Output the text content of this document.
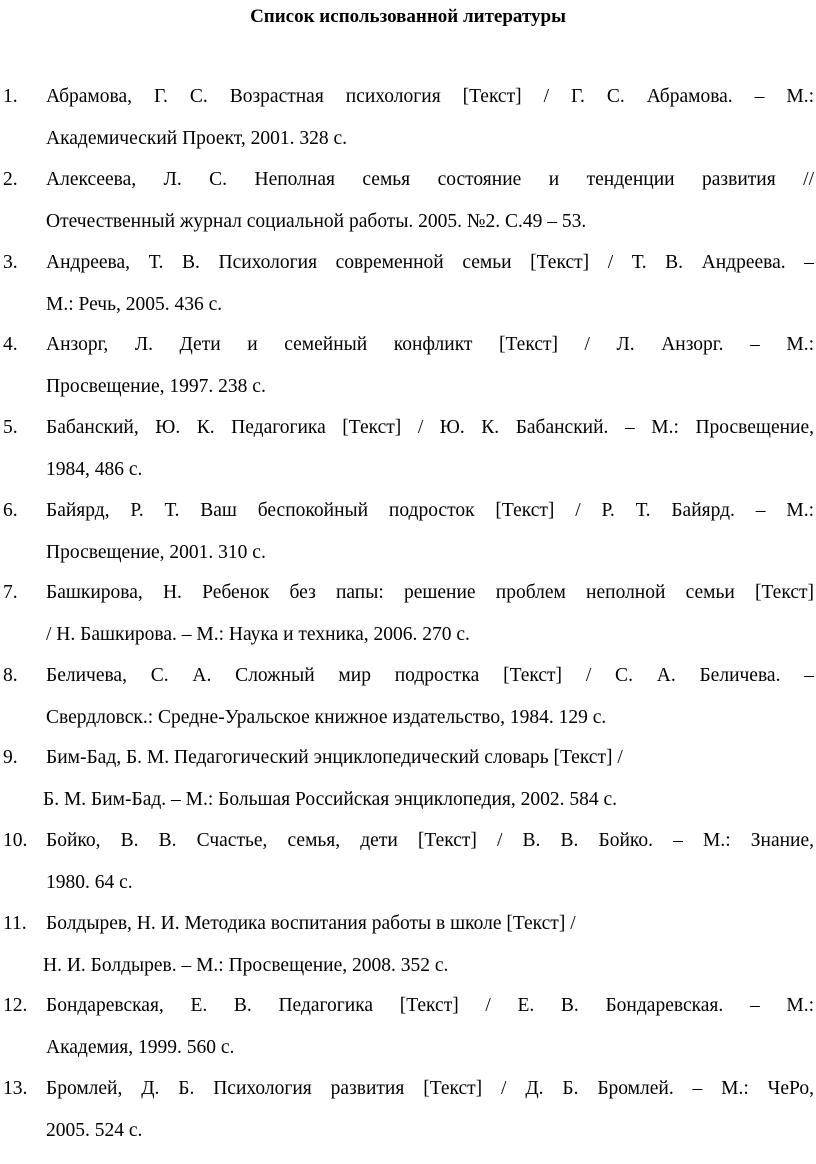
Список использованной литературы
1. Абрамова, Г. С. Возрастная психология [Текст] / Г. С. Абрамова. – М.:
Академический Проект, 2001. 328 с.
2. Алексеева, Л. С. Неполная семья состояние и тенденции развития //
Отечественный журнал социальной работы. 2005. №2. С.49 – 53.
3. Андреева, Т. В. Психология современной семьи [Текст] / Т. В. Андреева. –
М.: Речь, 2005. 436 с.
4. Анзорг, Л. Дети и семейный конфликт [Текст] / Л. Анзорг. – М.:
Просвещение, 1997. 238 с.
5. Бабанский, Ю. К. Педагогика [Текст] / Ю. К. Бабанский. – М.: Просвещение,
1984, 486 с.
6. Байярд, Р. Т. Ваш беспокойный подросток [Текст] / Р. Т. Байярд. – М.:
Просвещение, 2001. 310 с.
7. Башкирова, Н. Ребенок без папы: решение проблем неполной семьи [Текст]
/ Н. Башкирова. – М.: Наука и техника, 2006. 270 с.
8. Беличева, С. А. Сложный мир подростка [Текст] / С. А. Беличева. –
Свердловск.: Средне-Уральское книжное издательство, 1984. 129 с.
9. Бим-Бад, Б. М. Педагогический энциклопедический словарь [Текст] /
Б. М. Бим-Бад. – М.: Большая Российская энциклопедия, 2002. 584 с.
10. Бойко, В. В. Счастье, семья, дети [Текст] / В. В. Бойко. – М.: Знание,
1980. 64 с.
11. Болдырев, Н. И. Методика воспитания работы в школе [Текст] /
Н. И. Болдырев. – М.: Просвещение, 2008. 352 с.
12. Бондаревская, Е. В. Педагогика [Текст] / Е. В. Бондаревская. – М.:
Академия, 1999. 560 с.
13. Бромлей, Д. Б. Психология развития [Текст] / Д. Б. Бромлей. – М.: ЧеРо,
2005. 524 с.
